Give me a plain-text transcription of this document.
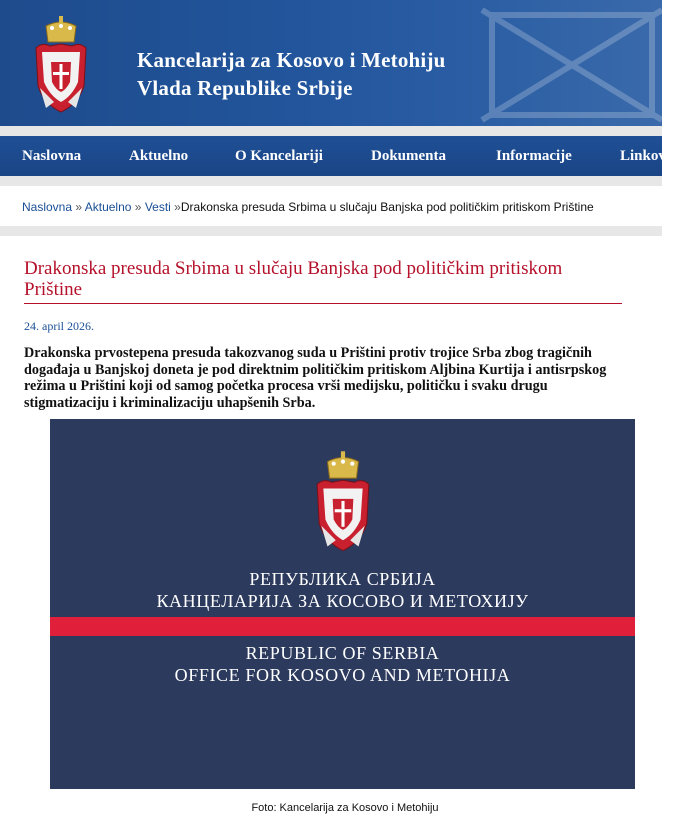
Kancelarija za Kosovo i Metohiju
Vlada Republike Srbije
Naslovna	Aktuelno	O Kancelariji	Dokumenta	Informacije	Linkovi
Naslovna » Aktuelno » Vesti »Drakonska presuda Srbima u slučaju Banjska pod političkim pritiskom Prištine
Drakonska presuda Srbima u slučaju Banjska pod političkim pritiskom Prištine
24. april 2026.

Drakonska prvostepena presuda takozvanog suda u Prištini protiv trojice Srba zbog tragičnih događaja u Banjskoj doneta je pod direktnim političkim pritiskom Aljbina Kurtija i antisrpskog režima u Prištini koji od samog početka procesa vrši medijsku, političku i svaku drugu stigmatizaciju i kriminalizaciju uhapšenih Srba.

РЕПУБЛИКА СРБИЈА
КАНЦЕЛАРИЈА ЗА КОСОВО И МЕТОХИЈУ
REPUBLIC OF SERBIA
OFFICE FOR KOSOVO AND METOHIJA
Foto: Kancelarija za Kosovo i Metohiju
